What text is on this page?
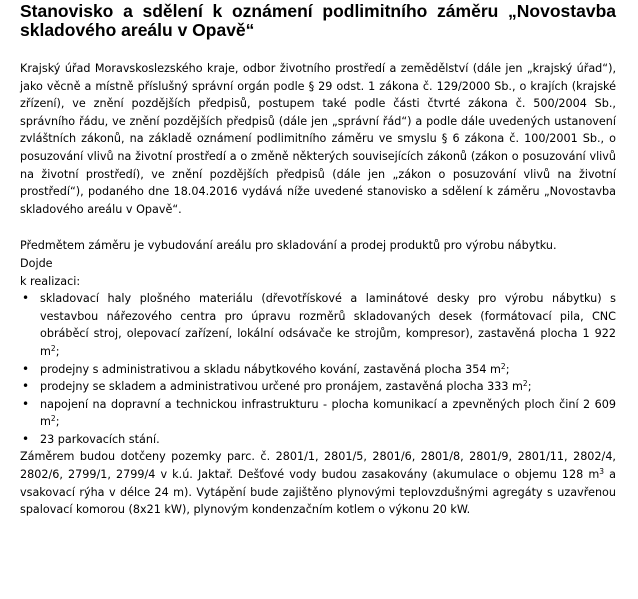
Stanovisko a sdělení k oznámení podlimitního záměru „Novostavba skladového areálu v Opavě“

Krajský úřad Moravskoslezského kraje, odbor životního prostředí a zemědělství (dále jen „krajský úřad“), jako věcně a místně příslušný správní orgán podle § 29 odst. 1 zákona č. 129/2000 Sb., o krajích (krajské zřízení), ve znění pozdějších předpisů, postupem také podle části čtvrté zákona č. 500/2004 Sb., správního řádu, ve znění pozdějších předpisů (dále jen „správní řád“) a podle dále uvedených ustanovení zvláštních zákonů, na základě oznámení podlimitního záměru ve smyslu § 6 zákona č. 100/2001 Sb., o posuzování vlivů na životní prostředí a o změně některých souvisejících zákonů (zákon o posuzování vlivů na životní prostředí), ve znění pozdějších předpisů (dále jen „zákon o posuzování vlivů na životní prostředí“), podaného dne 18.04.2016 vydává níže uvedené stanovisko a sdělení k záměru „Novostavba skladového areálu v Opavě“.

Předmětem záměru je vybudování areálu pro skladování a prodej produktů pro výrobu nábytku.
Dojde
k realizaci:
• skladovací haly plošného materiálu (dřevotřískové a laminátové desky pro výrobu nábytku) s vestavbou nářezového centra pro úpravu rozměrů skladovaných desek (formátovací pila, CNC obráběcí stroj, olepovací zařízení, lokální odsávače ke strojům, kompresor), zastavěná plocha 1 922 $m^2$;
• prodejny s administrativou a skladu nábytkového kování, zastavěná plocha 354 $m^2$;
• prodejny se skladem a administrativou určené pro pronájem, zastavěná plocha 333 $m^2$;
• napojení na dopravní a technickou infrastrukturu - plocha komunikací a zpevněných ploch činí 2 609 $m^2$;
• 23 parkovacích stání.

Záměrem budou dotčeny pozemky parc. č. 2801/1, 2801/5, 2801/6, 2801/8, 2801/9, 2801/11, 2802/4, 2802/6, 2799/1, 2799/4 v k.ú. Jaktař. Dešťové vody budou zasakovány (akumulace o objemu 128 $m^3$ a vsakovací rýha v délce 24 m). Vytápění bude zajištěno plynovými teplovzdušnými agregáty s uzavřenou spalovací komorou (8x21 kW), plynovým kondenzačním kotlem o výkonu 20 kW.
